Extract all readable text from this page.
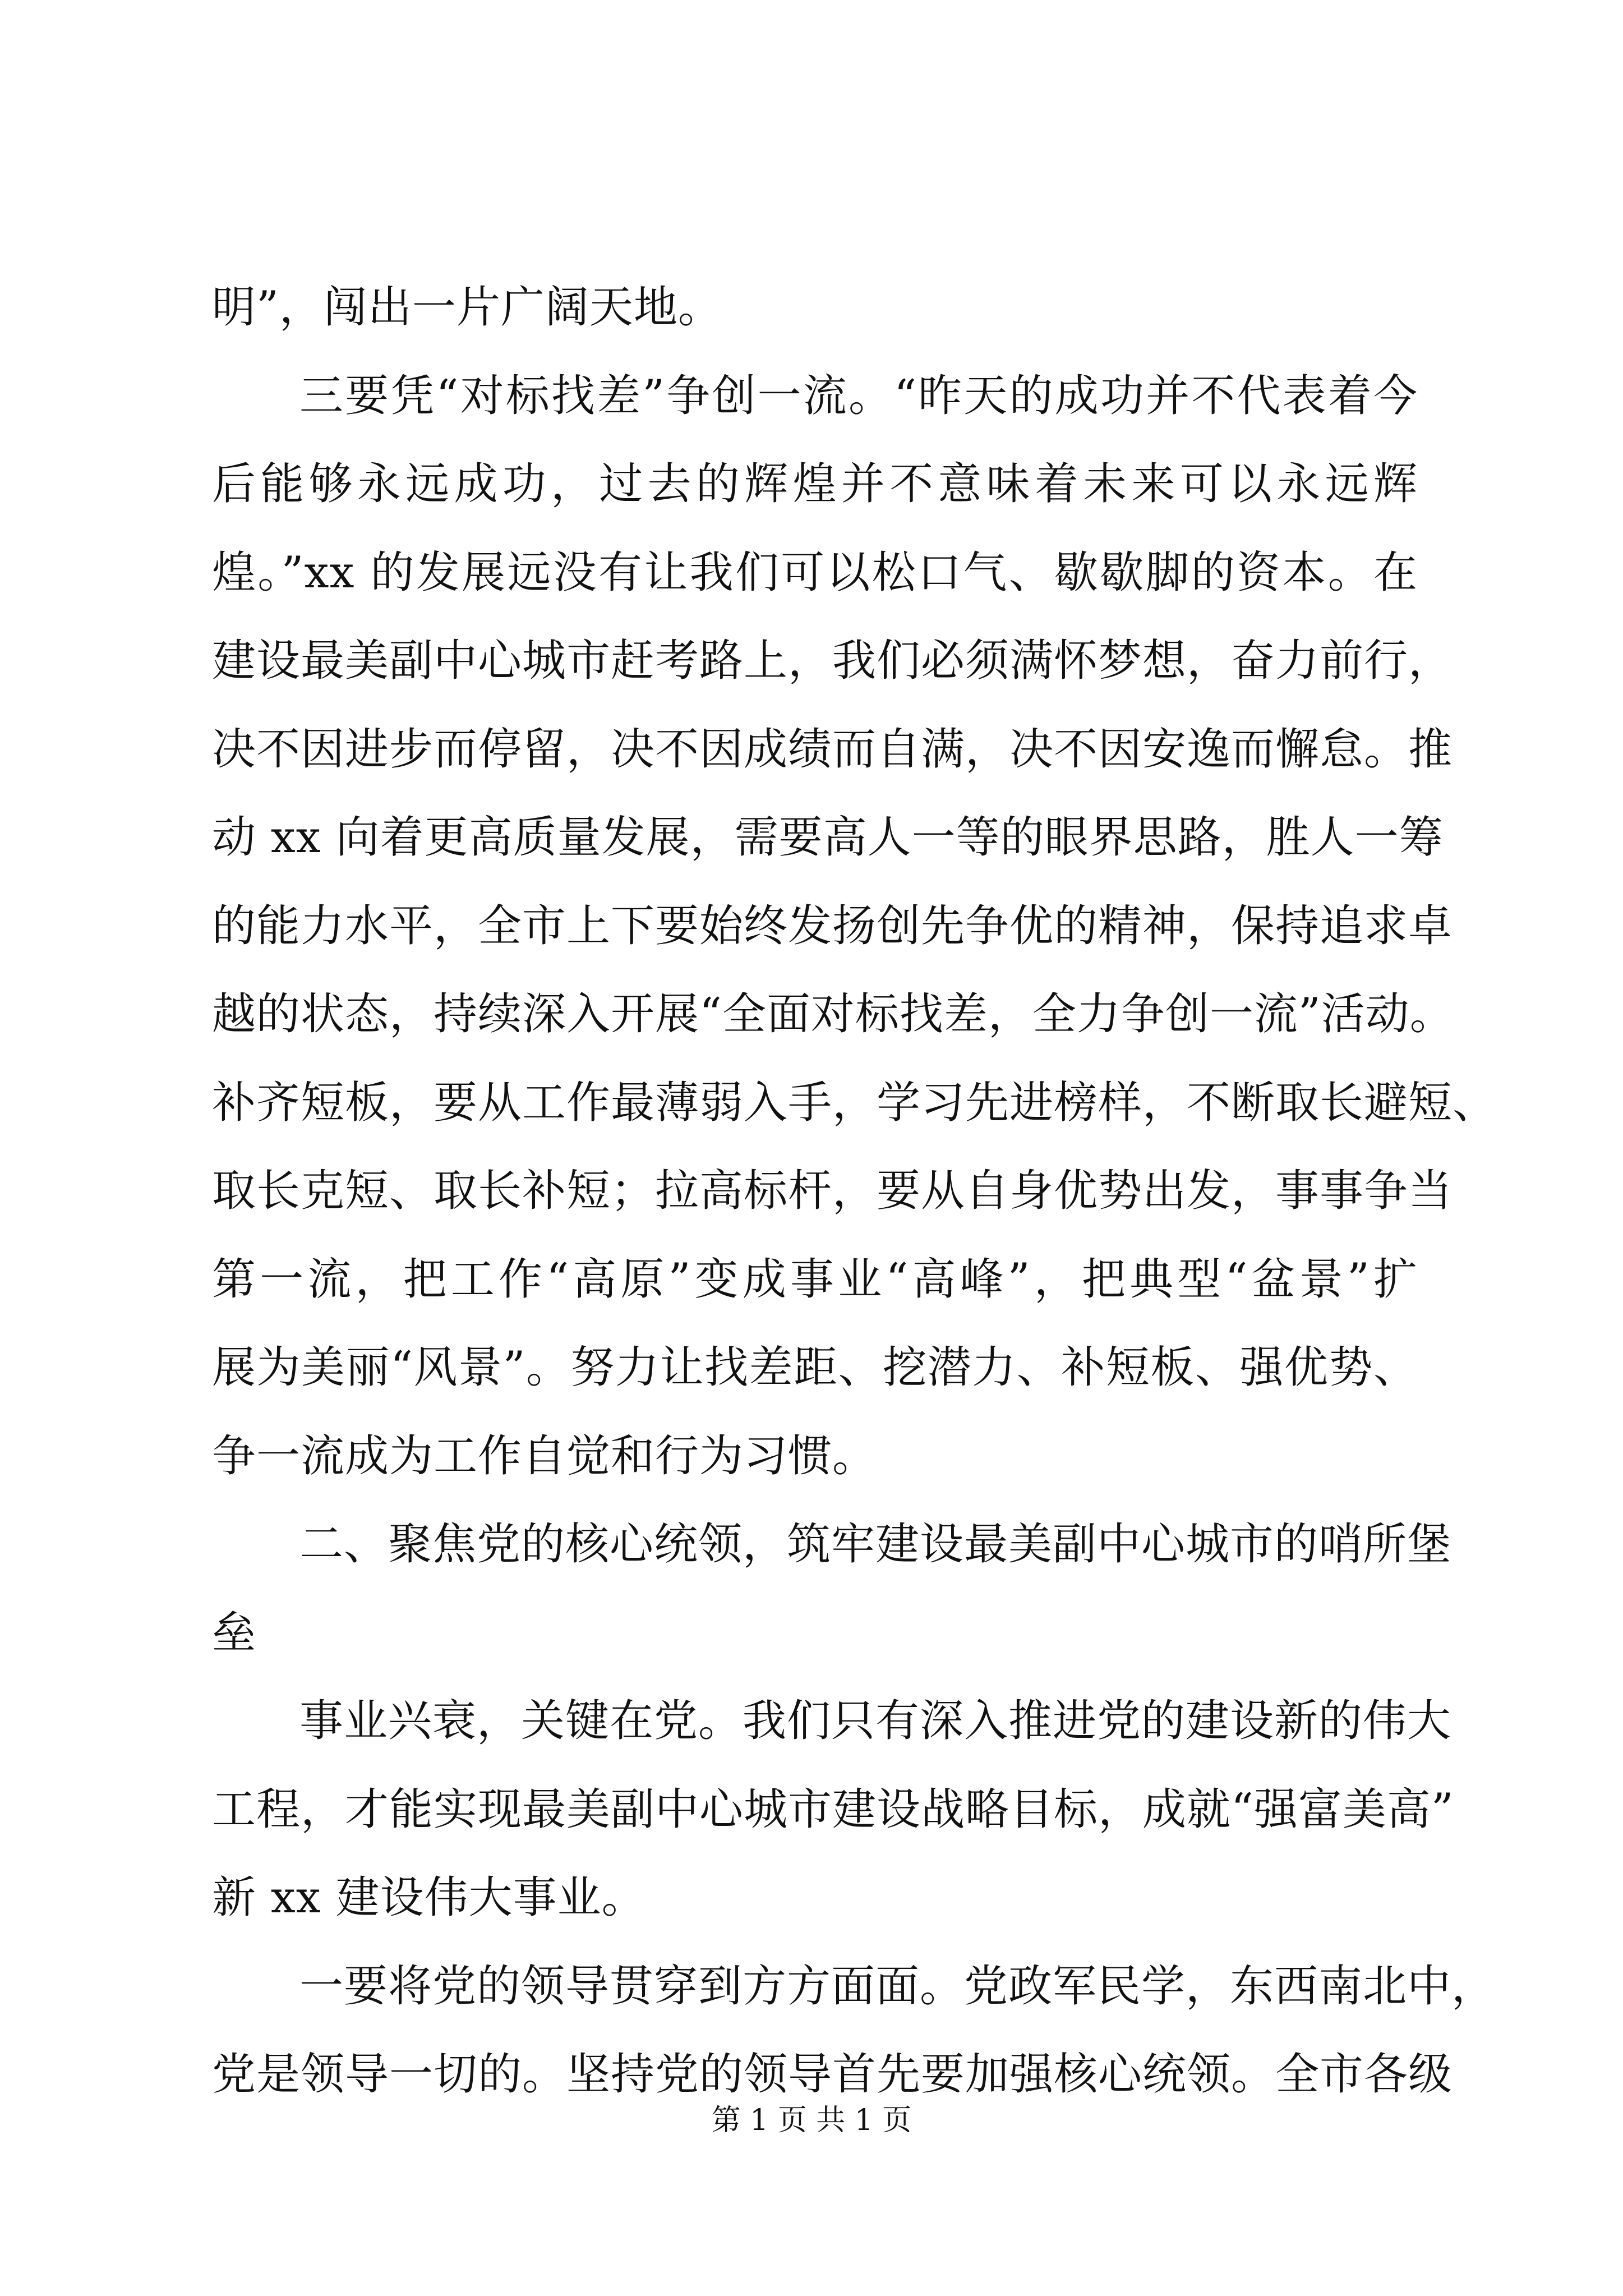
明”，闯出一片广阔天地。
三要凭“对标找差”争创一流。“昨天的成功并不代表着今
后能够永远成功，过去的辉煌并不意味着未来可以永远辉
煌。”xx 的发展远没有让我们可以松口气、歇歇脚的资本。在
建设最美副中心城市赶考路上，我们必须满怀梦想，奋力前行，
决不因进步而停留，决不因成绩而自满，决不因安逸而懈怠。推
动 xx 向着更高质量发展，需要高人一等的眼界思路，胜人一筹
的能力水平，全市上下要始终发扬创先争优的精神，保持追求卓
越的状态，持续深入开展“全面对标找差，全力争创一流”活动。
补齐短板，要从工作最薄弱入手，学习先进榜样，不断取长避短、
取长克短、取长补短；拉高标杆，要从自身优势出发，事事争当
第一流，把工作“高原”变成事业“高峰”，把典型“盆景”扩
展为美丽“风景”。努力让找差距、挖潜力、补短板、强优势、
争一流成为工作自觉和行为习惯。
二、聚焦党的核心统领，筑牢建设最美副中心城市的哨所堡
垒
事业兴衰，关键在党。我们只有深入推进党的建设新的伟大
工程，才能实现最美副中心城市建设战略目标，成就“强富美高”
新 xx 建设伟大事业。
一要将党的领导贯穿到方方面面。党政军民学，东西南北中，
党是领导一切的。坚持党的领导首先要加强核心统领。全市各级
第 1 页 共 1 页
